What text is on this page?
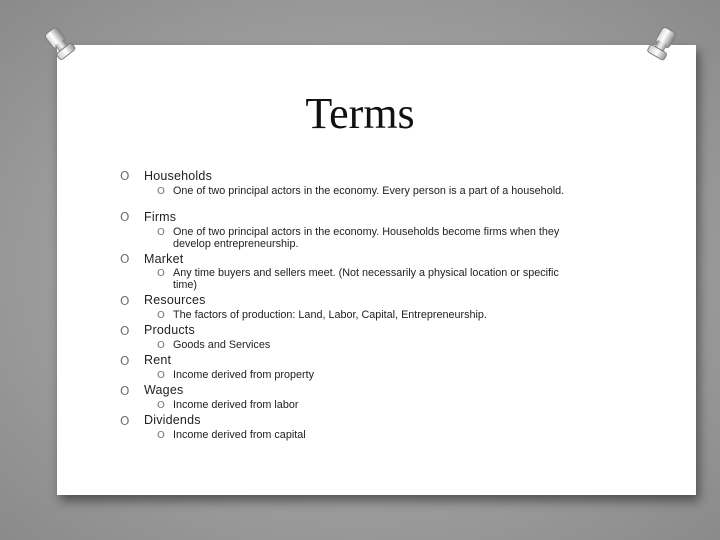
Terms
O Households
O One of two principal actors in the economy. Every person is a part of a household.
O Firms
O One of two principal actors in the economy. Households become firms when they develop entrepreneurship.
O Market
O Any time buyers and sellers meet. (Not necessarily a physical location or specific time)
O Resources
O The factors of production: Land, Labor, Capital, Entrepreneurship.
O Products
O Goods and Services
O Rent
O Income derived from property
O Wages
O Income derived from labor
O Dividends
O Income derived from capital
